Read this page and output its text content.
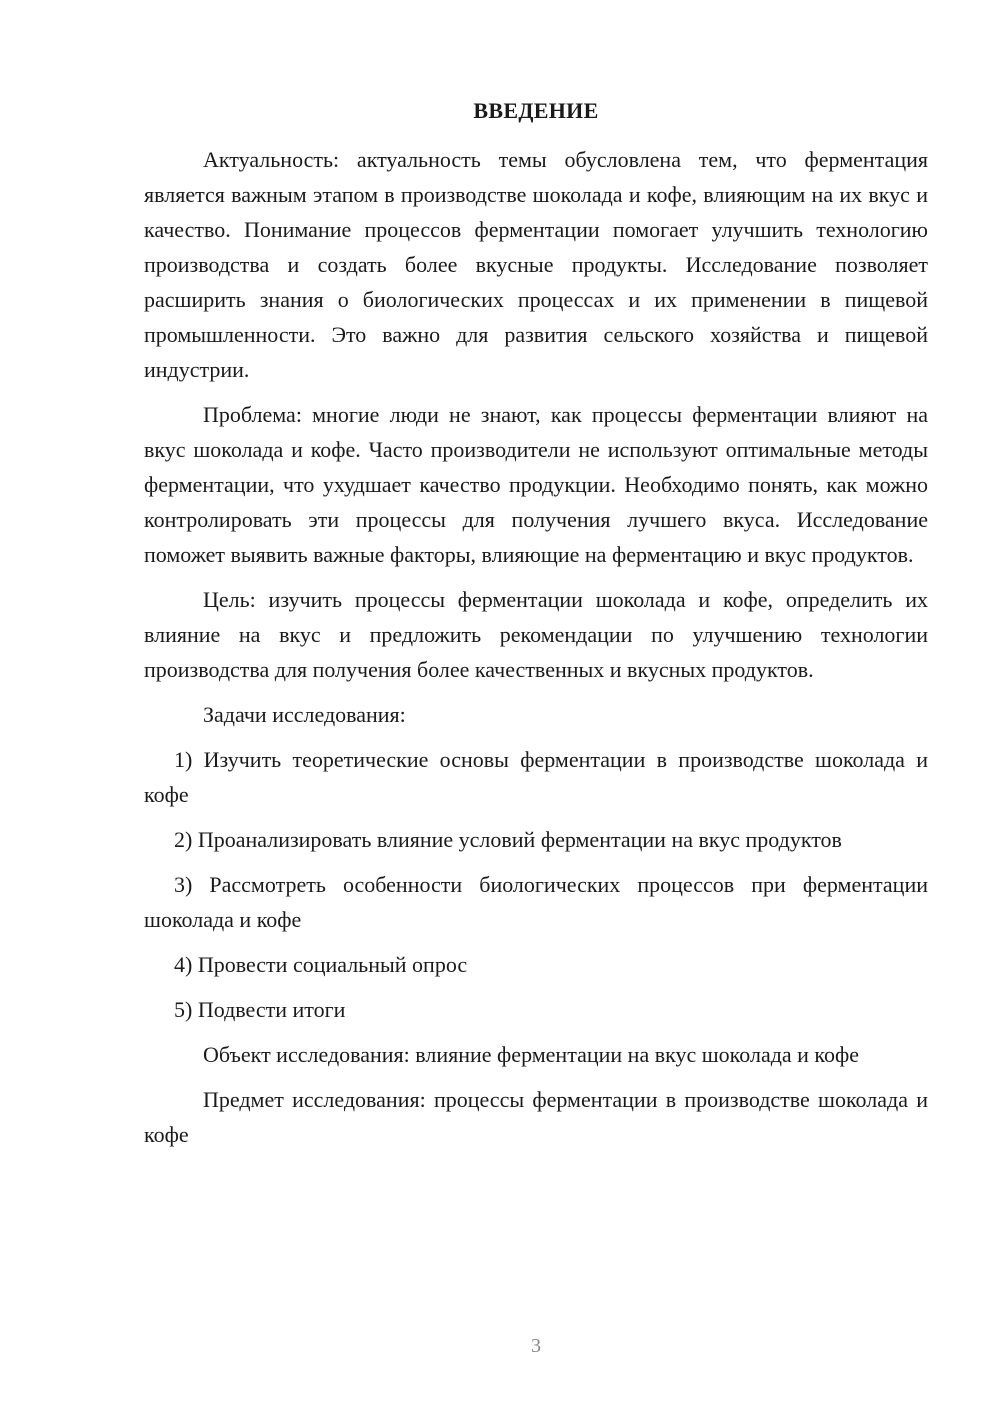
ВВЕДЕНИЕ

Актуальность: актуальность темы обусловлена тем, что ферментация является важным этапом в производстве шоколада и кофе, влияющим на их вкус и качество. Понимание процессов ферментации помогает улучшить технологию производства и создать более вкусные продукты. Исследование позволяет расширить знания о биологических процессах и их применении в пищевой промышленности. Это важно для развития сельского хозяйства и пищевой индустрии.

Проблема: многие люди не знают, как процессы ферментации влияют на вкус шоколада и кофе. Часто производители не используют оптимальные методы ферментации, что ухудшает качество продукции. Необходимо понять, как можно контролировать эти процессы для получения лучшего вкуса. Исследование поможет выявить важные факторы, влияющие на ферментацию и вкус продуктов.

Цель: изучить процессы ферментации шоколада и кофе, определить их влияние на вкус и предложить рекомендации по улучшению технологии производства для получения более качественных и вкусных продуктов.

Задачи исследования:

1) Изучить теоретические основы ферментации в производстве шоколада и кофе

2) Проанализировать влияние условий ферментации на вкус продуктов

3) Рассмотреть особенности биологических процессов при ферментации шоколада и кофе

4) Провести социальный опрос

5) Подвести итоги

Объект исследования: влияние ферментации на вкус шоколада и кофе

Предмет исследования: процессы ферментации в производстве шоколада и кофе

3
